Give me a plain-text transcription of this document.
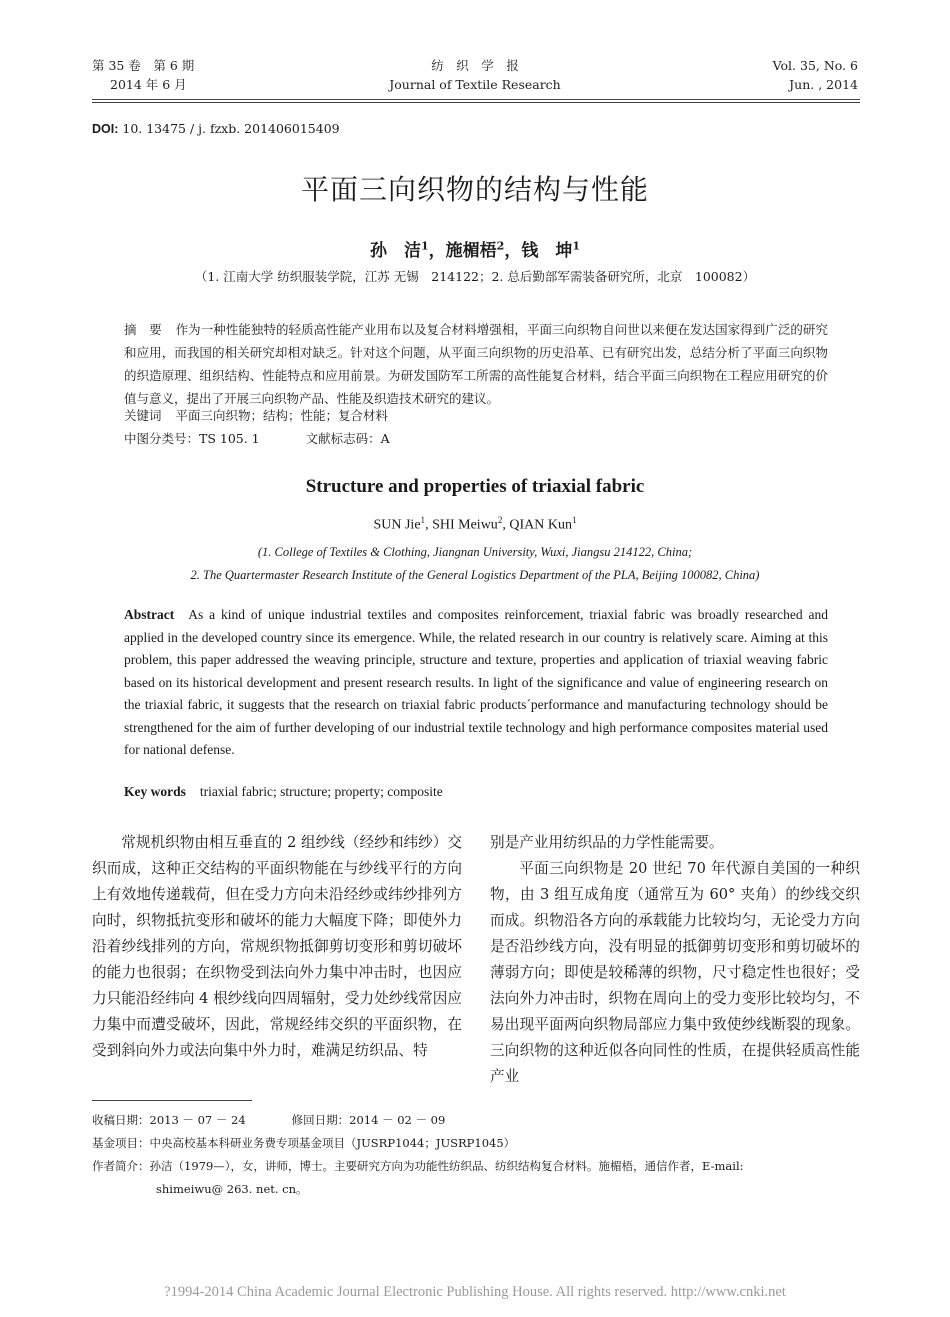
第 35 卷　第 6 期
2014 年 6 月
纺　织　学　报
Journal of Textile Research
Vol. 35, No. 6
Jun. , 2014
DOI: 10. 13475 / j. fzxb. 201406015409
平面三向织物的结构与性能
孙　洁$^1$，施楣梧$^2$，钱　坤$^1$
（1. 江南大学 纺织服装学院，江苏 无锡　214122；2. 总后勤部军需装备研究所，北京　100082）
摘　要 作为一种性能独特的轻质高性能产业用布以及复合材料增强相，平面三向织物自问世以来便在发达国家得到广泛的研究和应用，而我国的相关研究却相对缺乏。针对这个问题，从平面三向织物的历史沿革、已有研究出发，总结分析了平面三向织物的织造原理、组织结构、性能特点和应用前景。为研发国防军工所需的高性能复合材料，结合平面三向织物在工程应用研究的价值与意义，提出了开展三向织物产品、性能及织造技术研究的建议。
关键词 平面三向织物；结构；性能；复合材料
中图分类号：TS 105. 1	文献标志码：A
Structure and properties of triaxial fabric
SUN Jie$^1$, SHI Meiwu$^2$, QIAN Kun$^1$
(1. College of Textiles & Clothing, Jiangnan University, Wuxi, Jiangsu 214122, China;
2. The Quartermaster Research Institute of the General Logistics Department of the PLA, Beijing 100082, China)
Abstract As a kind of unique industrial textiles and composites reinforcement, triaxial fabric was broadly researched and applied in the developed country since its emergence. While, the related research in our country is relatively scare. Aiming at this problem, this paper addressed the weaving principle, structure and texture, properties and application of triaxial weaving fabric based on its historical development and present research results. In light of the significance and value of engineering research on the triaxial fabric, it suggests that the research on triaxial fabric products´performance and manufacturing technology should be strengthened for the aim of further developing of our industrial textile technology and high performance composites material used for national defense.
Key words triaxial fabric; structure; property; composite

常规机织物由相互垂直的 2 组纱线（经纱和纬纱）交织而成，这种正交结构的平面织物能在与纱线平行的方向上有效地传递载荷，但在受力方向未沿经纱或纬纱排列方向时，织物抵抗变形和破坏的能力大幅度下降；即使外力沿着纱线排列的方向，常规织物抵御剪切变形和剪切破坏的能力也很弱；在织物受到法向外力集中冲击时，也因应力只能沿经纬向 4 根纱线向四周辐射，受力处纱线常因应力集中而遭受破坏，因此，常规经纬交织的平面织物，在受到斜向外力或法向集中外力时，难满足纺织品、特

别是产业用纺织品的力学性能需要。

平面三向织物是 20 世纪 70 年代源自美国的一种织物，由 3 组互成角度（通常互为 60° 夹角）的纱线交织而成。织物沿各方向的承载能力比较均匀，无论受力方向是否沿纱线方向，没有明显的抵御剪切变形和剪切破坏的薄弱方向；即使是较稀薄的织物，尺寸稳定性也很好；受法向外力冲击时，织物在周向上的受力变形比较均匀，不易出现平面两向织物局部应力集中致使纱线断裂的现象。三向织物的这种近似各向同性的性质，在提供轻质高性能产业

收稿日期：2013 － 07 － 24	修回日期：2014 － 02 － 09
基金项目：中央高校基本科研业务费专项基金项目（JUSRP1044；JUSRP1045）
作者简介：孙洁（1979—），女，讲师，博士。主要研究方向为功能性纺织品、纺织结构复合材料。施楣梧，通信作者，E-mail:
shimeiwu@ 263. net. cn。
?1994-2014 China Academic Journal Electronic Publishing House. All rights reserved. http://www.cnki.net
